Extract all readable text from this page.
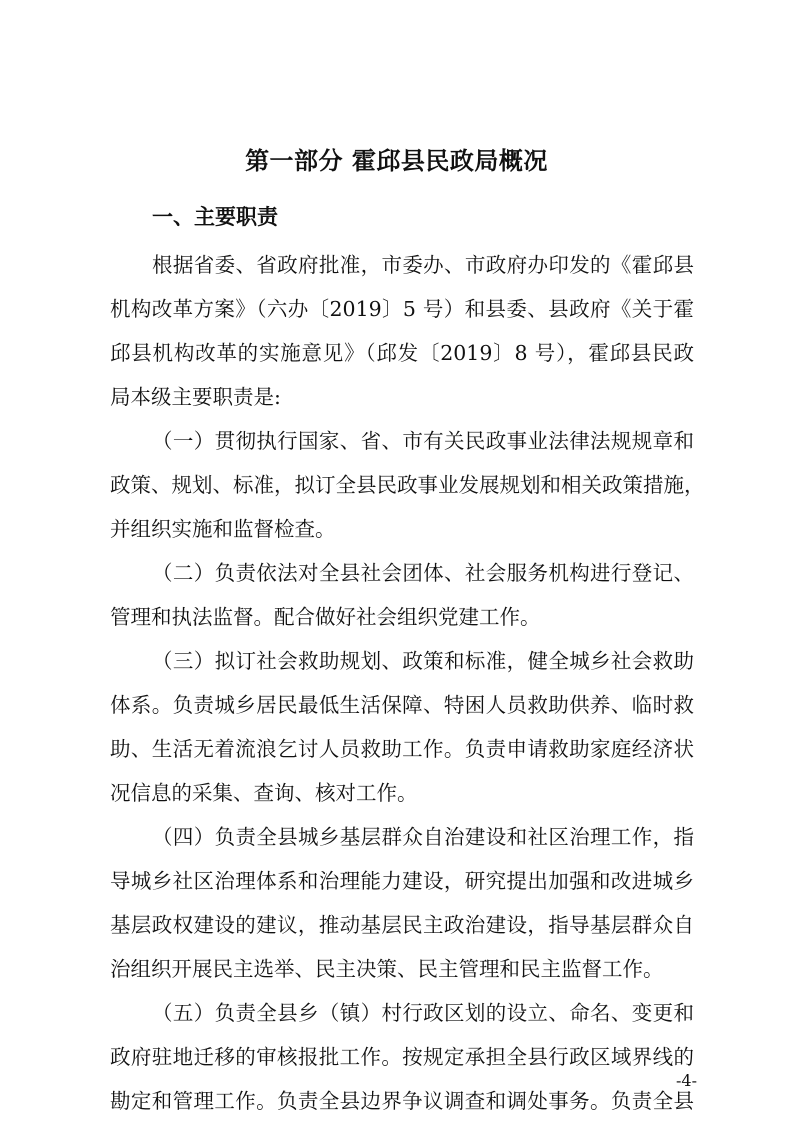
第一部分 霍邱县民政局概况
一、主要职责
根据省委、省政府批准，市委办、市政府办印发的《霍邱县
机构改革方案》（六办〔2019〕5 号）和县委、县政府《关于霍
邱县机构改革的实施意见》（邱发〔2019〕8 号），霍邱县民政
局本级主要职责是:
（一）贯彻执行国家、省、市有关民政事业法律法规规章和
政策、规划、标准，拟订全县民政事业发展规划和相关政策措施，
并组织实施和监督检查。
（二）负责依法对全县社会团体、社会服务机构进行登记、
管理和执法监督。配合做好社会组织党建工作。
（三）拟订社会救助规划、政策和标准，健全城乡社会救助
体系。负责城乡居民最低生活保障、特困人员救助供养、临时救
助、生活无着流浪乞讨人员救助工作。负责申请救助家庭经济状
况信息的采集、查询、核对工作。
（四）负责全县城乡基层群众自治建设和社区治理工作，指
导城乡社区治理体系和治理能力建设，研究提出加强和改进城乡
基层政权建设的建议，推动基层民主政治建设，指导基层群众自
治组织开展民主选举、民主决策、民主管理和民主监督工作。
（五）负责全县乡（镇）村行政区划的设立、命名、变更和
政府驻地迁移的审核报批工作。按规定承担全县行政区域界线的
勘定和管理工作。负责全县边界争议调查和调处事务。负责全县
-4-
